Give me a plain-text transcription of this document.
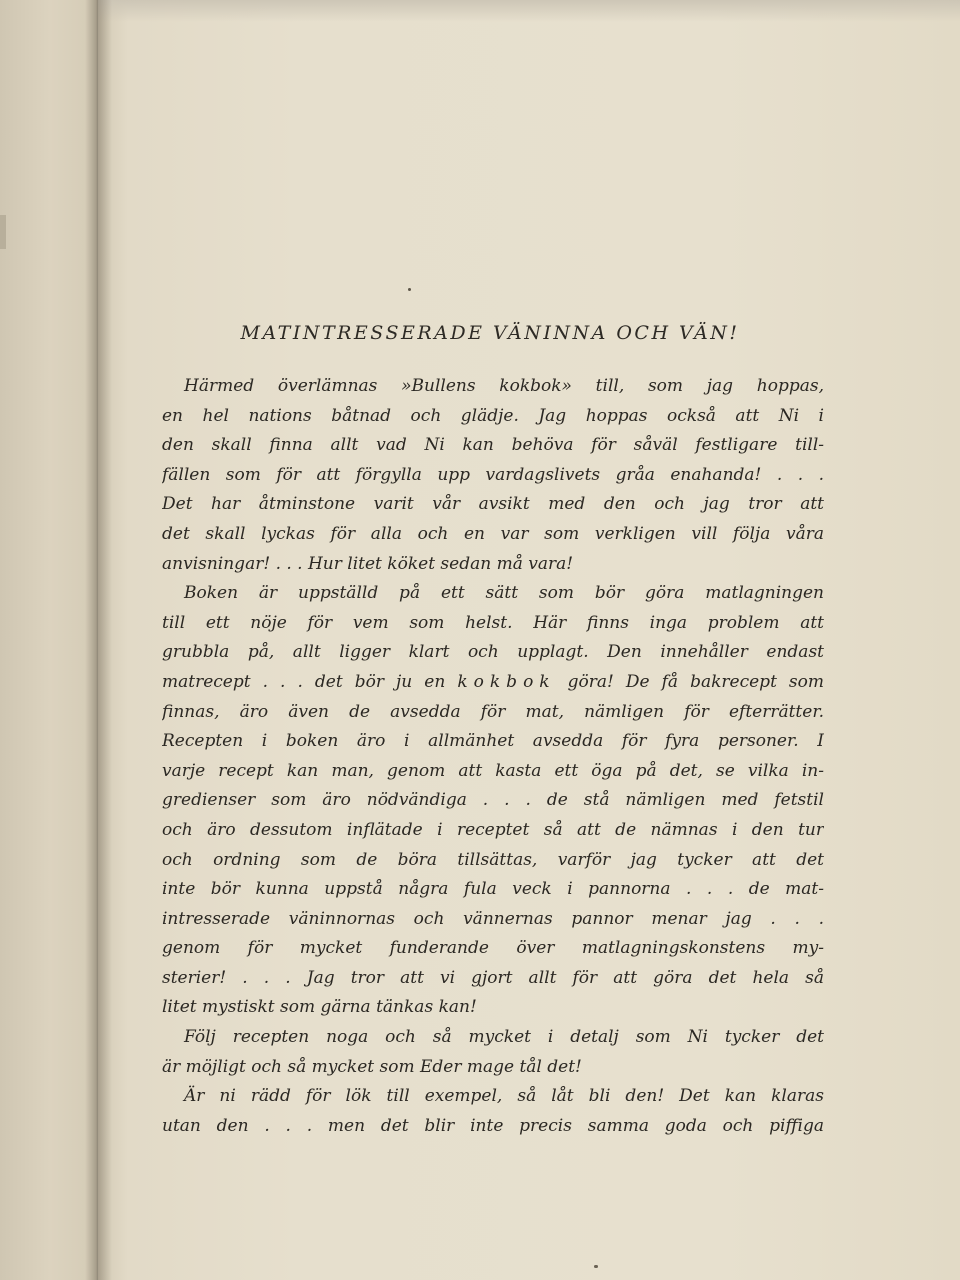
MATINTRESSERADE VÄNINNA OCH VÄN!
Härmed överlämnas »Bullens kokbok» till, som jag hoppas,
en hel nations båtnad och glädje. Jag hoppas också att Ni i
den skall finna allt vad Ni kan behöva för såväl festligare till-
fällen som för att förgylla upp vardagslivets gråa enahanda! . . .
Det har åtminstone varit vår avsikt med den och jag tror att
det skall lyckas för alla och en var som verkligen vill följa våra
anvisningar! . . . Hur litet köket sedan må vara!
Boken är uppställd på ett sätt som bör göra matlagningen
till ett nöje för vem som helst. Här finns inga problem att
grubbla på, allt ligger klart och upplagt. Den innehåller endast
matrecept . . . det bör ju en kokbok göra! De få bakrecept som
finnas, äro även de avsedda för mat, nämligen för efterrätter.
Recepten i boken äro i allmänhet avsedda för fyra personer. I
varje recept kan man, genom att kasta ett öga på det, se vilka in-
gredienser som äro nödvändiga . . . de stå nämligen med fetstil
och äro dessutom inflätade i receptet så att de nämnas i den tur
och ordning som de böra tillsättas, varför jag tycker att det
inte bör kunna uppstå några fula veck i pannorna . . . de mat-
intresserade väninnornas och vännernas pannor menar jag . . .
genom för mycket funderande över matlagningskonstens my-
sterier! . . . Jag tror att vi gjort allt för att göra det hela så
litet mystiskt som gärna tänkas kan!
Följ recepten noga och så mycket i detalj som Ni tycker det
är möjligt och så mycket som Eder mage tål det!
Är ni rädd för lök till exempel, så låt bli den! Det kan klaras
utan den . . . men det blir inte precis samma goda och piffiga
